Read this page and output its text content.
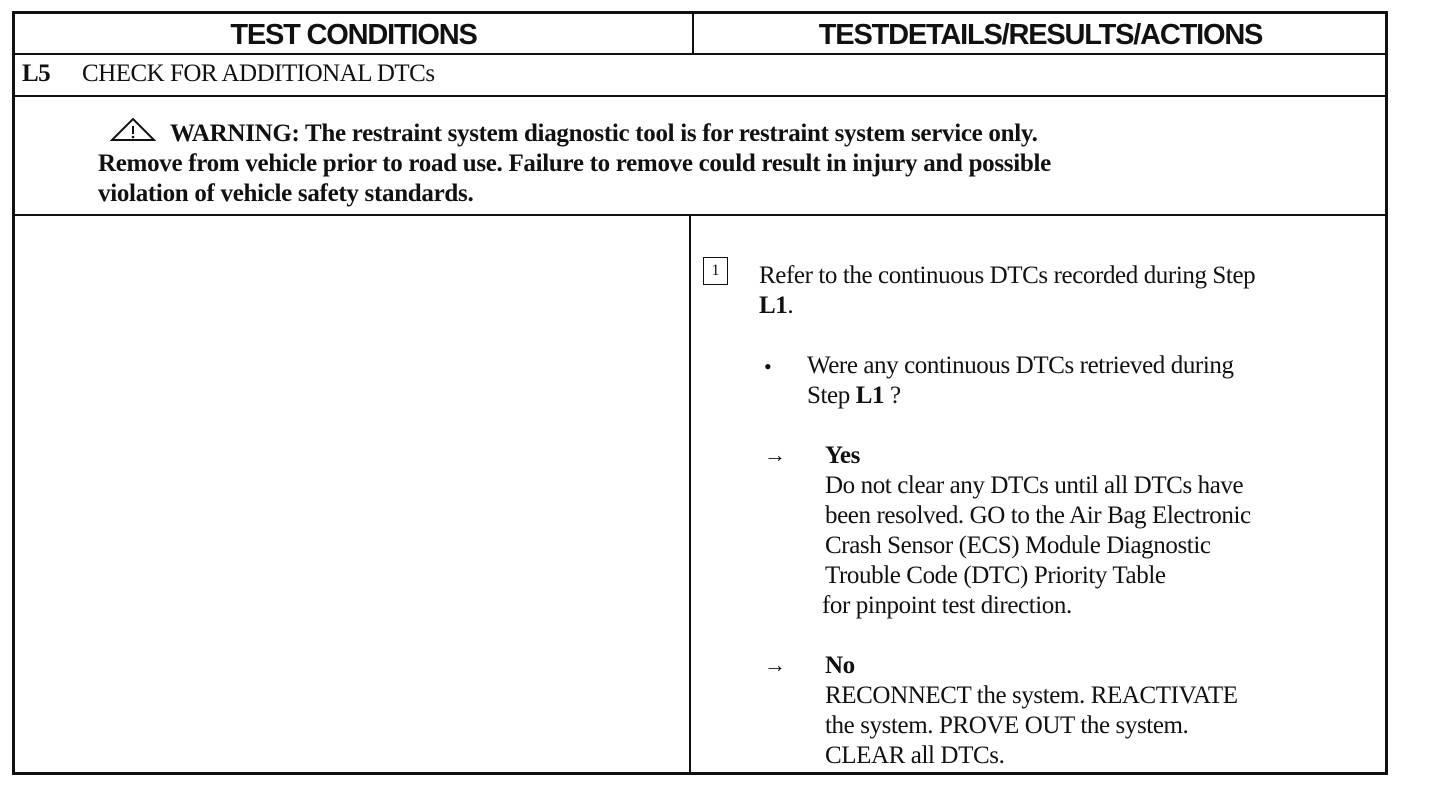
TEST CONDITIONS	TESTDETAILS/RESULTS/ACTIONS
L5	CHECK FOR ADDITIONAL DTCs
WARNING: The restraint system diagnostic tool is for restraint system service only.
Remove from vehicle prior to road use. Failure to remove could result in injury and possible
violation of vehicle safety standards.
1	Refer to the continuous DTCs recorded during Step
L1.
• Were any continuous DTCs retrieved during
Step L1 ?
→ Yes
Do not clear any DTCs until all DTCs have
been resolved. GO to the Air Bag Electronic
Crash Sensor (ECS) Module Diagnostic
Trouble Code (DTC) Priority Table
for pinpoint test direction.
→ No
RECONNECT the system. REACTIVATE
the system. PROVE OUT the system.
CLEAR all DTCs.
